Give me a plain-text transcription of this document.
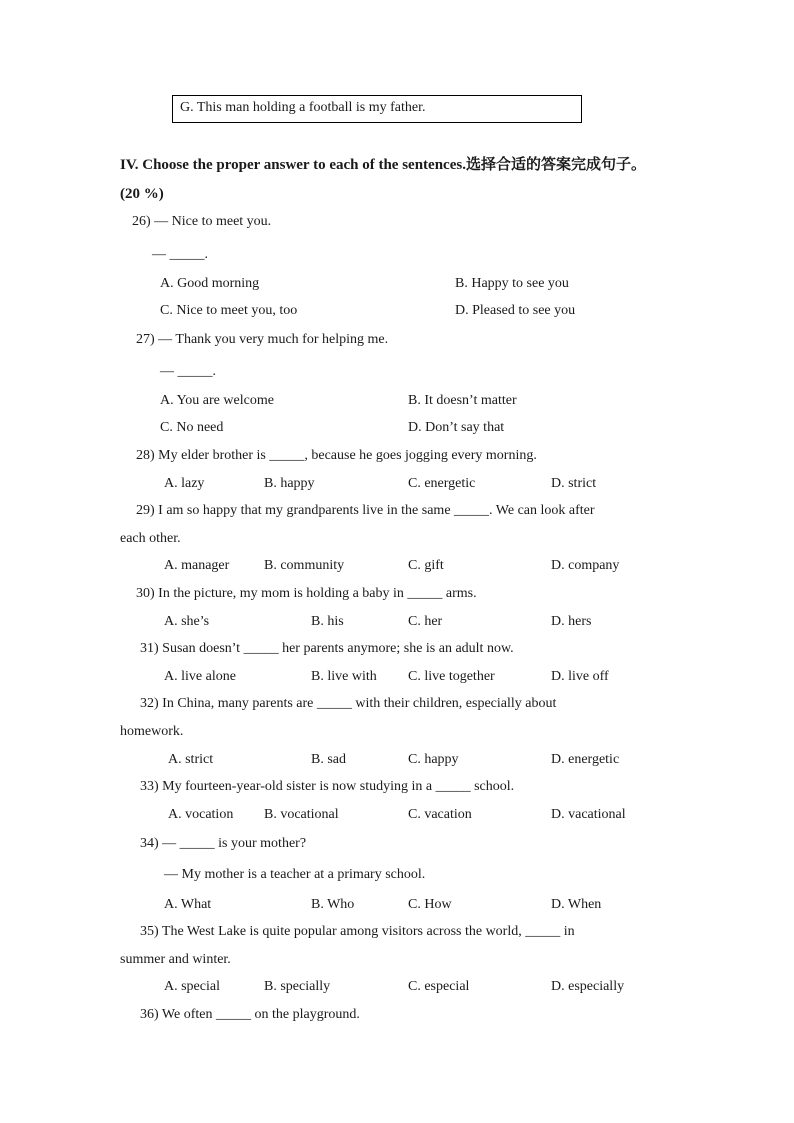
G. This man holding a football is my father.
IV. Choose the proper answer to each of the sentences.选择合适的答案完成句子。
(20 %)
26) — Nice to meet you.
— _____.
A. Good morning	B. Happy to see you
C. Nice to meet you, too	D. Pleased to see you
27) — Thank you very much for helping me.
— _____.
A. You are welcome	B. It doesn’t matter
C. No need	D. Don’t say that
28) My elder brother is _____, because he goes jogging every morning.
A. lazy	B. happy	C. energetic	D. strict
29) I am so happy that my grandparents live in the same _____. We can look after
each other.
A. manager B. community	C. gift	D. company
30) In the picture, my mom is holding a baby in _____ arms.
A. she’s	B. his	C. her	D. hers
31) Susan doesn’t _____ her parents anymore; she is an adult now.
A. live alone	B. live with C. live together	D. live off
32) In China, many parents are _____ with their children, especially about
homework.
A. strict	B. sad	C. happy	D. energetic
33) My fourteen-year-old sister is now studying in a _____ school.
A. vocation B. vocational	C. vacation	D. vacational
34) — _____ is your mother?
— My mother is a teacher at a primary school.
A. What	B. Who	C. How	D. When
35) The West Lake is quite popular among visitors across the world, _____ in
summer and winter.
A. special	B. specially	C. especial	D. especially
36) We often _____ on the playground.
